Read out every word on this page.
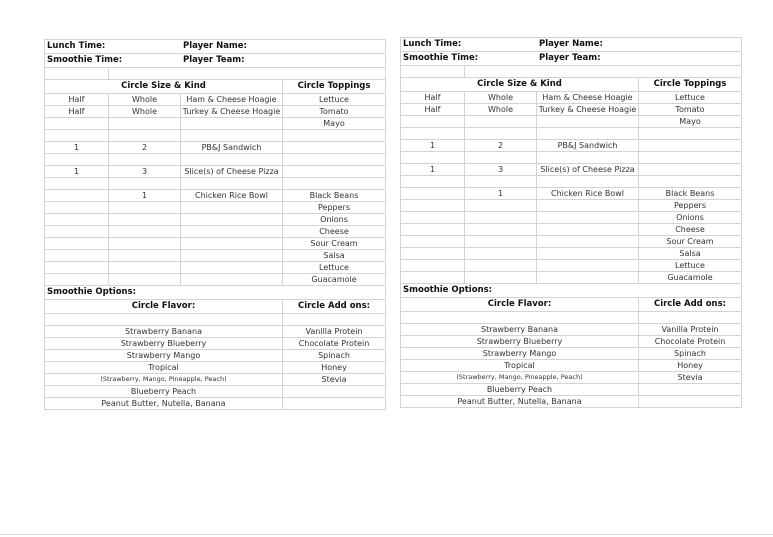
Lunch Time:		Player Name:	
Smoothie Time:		Player Team:	

Circle Size & Kind			Circle Toppings
Half	Whole	Ham & Cheese Hoagie	Lettuce
Half	Whole	Turkey & Cheese Hoagie	Tomato
			Mayo

1	2	PB&J Sandwich	

1	3	Slice(s) of Cheese Pizza	

	1	Chicken Rice Bowl	Black Beans
			Peppers
			Onions
			Cheese
			Sour Cream
			Salsa
			Lettuce
			Guacamole
Smoothie Options:			
Circle Flavor:			Circle Add ons:

Strawberry Banana			Vanilla Protein
Strawberry Blueberry			Chocolate Protein
Strawberry Mango			Spinach
Tropical			Honey
(Strawberry, Mango, Pineapple, Peach)			Stevia
Blueberry Peach			
Peanut Butter, Nutella, Banana			
Lunch Time:		Player Name:	
Smoothie Time:		Player Team:	

Circle Size & Kind			Circle Toppings
Half	Whole	Ham & Cheese Hoagie	Lettuce
Half	Whole	Turkey & Cheese Hoagie	Tomato
			Mayo

1	2	PB&J Sandwich	

1	3	Slice(s) of Cheese Pizza	

	1	Chicken Rice Bowl	Black Beans
			Peppers
			Onions
			Cheese
			Sour Cream
			Salsa
			Lettuce
			Guacamole
Smoothie Options:			
Circle Flavor:			Circle Add ons:

Strawberry Banana			Vanilla Protein
Strawberry Blueberry			Chocolate Protein
Strawberry Mango			Spinach
Tropical			Honey
(Strawberry, Mango, Pineapple, Peach)			Stevia
Blueberry Peach			
Peanut Butter, Nutella, Banana			
